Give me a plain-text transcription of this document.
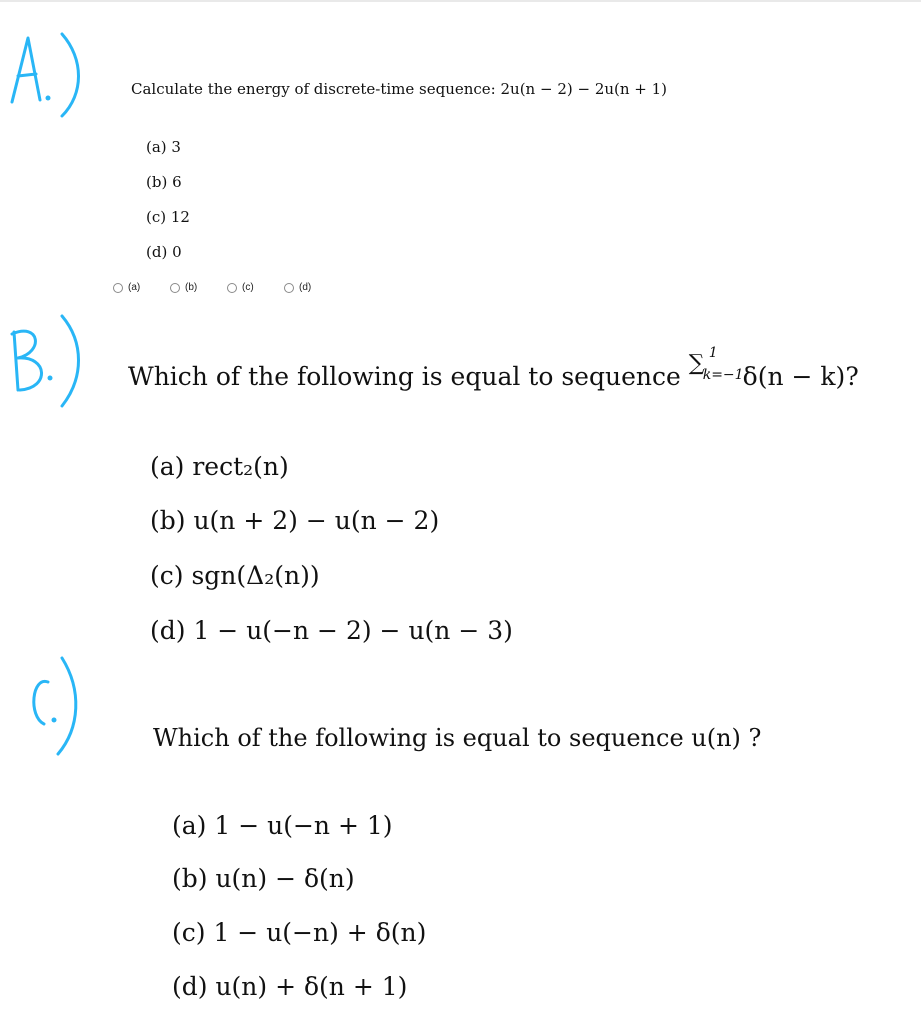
Calculate the energy of discrete-time sequence: 2u(n − 2) − 2u(n + 1)
(a) 3
(b) 6
(c) 12
(d) 0
(a)	(b)	(c)	(d)
Which of the following is equal to sequence ∑ 1
k=−1
δ(n − k)?
(a) rect₂(n)
(b) u(n + 2) − u(n − 2)
(c) sgn(Δ₂(n))
(d) 1 − u(−n − 2) − u(n − 3)
Which of the following is equal to sequence u(n) ?
(a) 1 − u(−n + 1)
(b) u(n) − δ(n)
(c) 1 − u(−n) + δ(n)
(d) u(n) + δ(n + 1)
